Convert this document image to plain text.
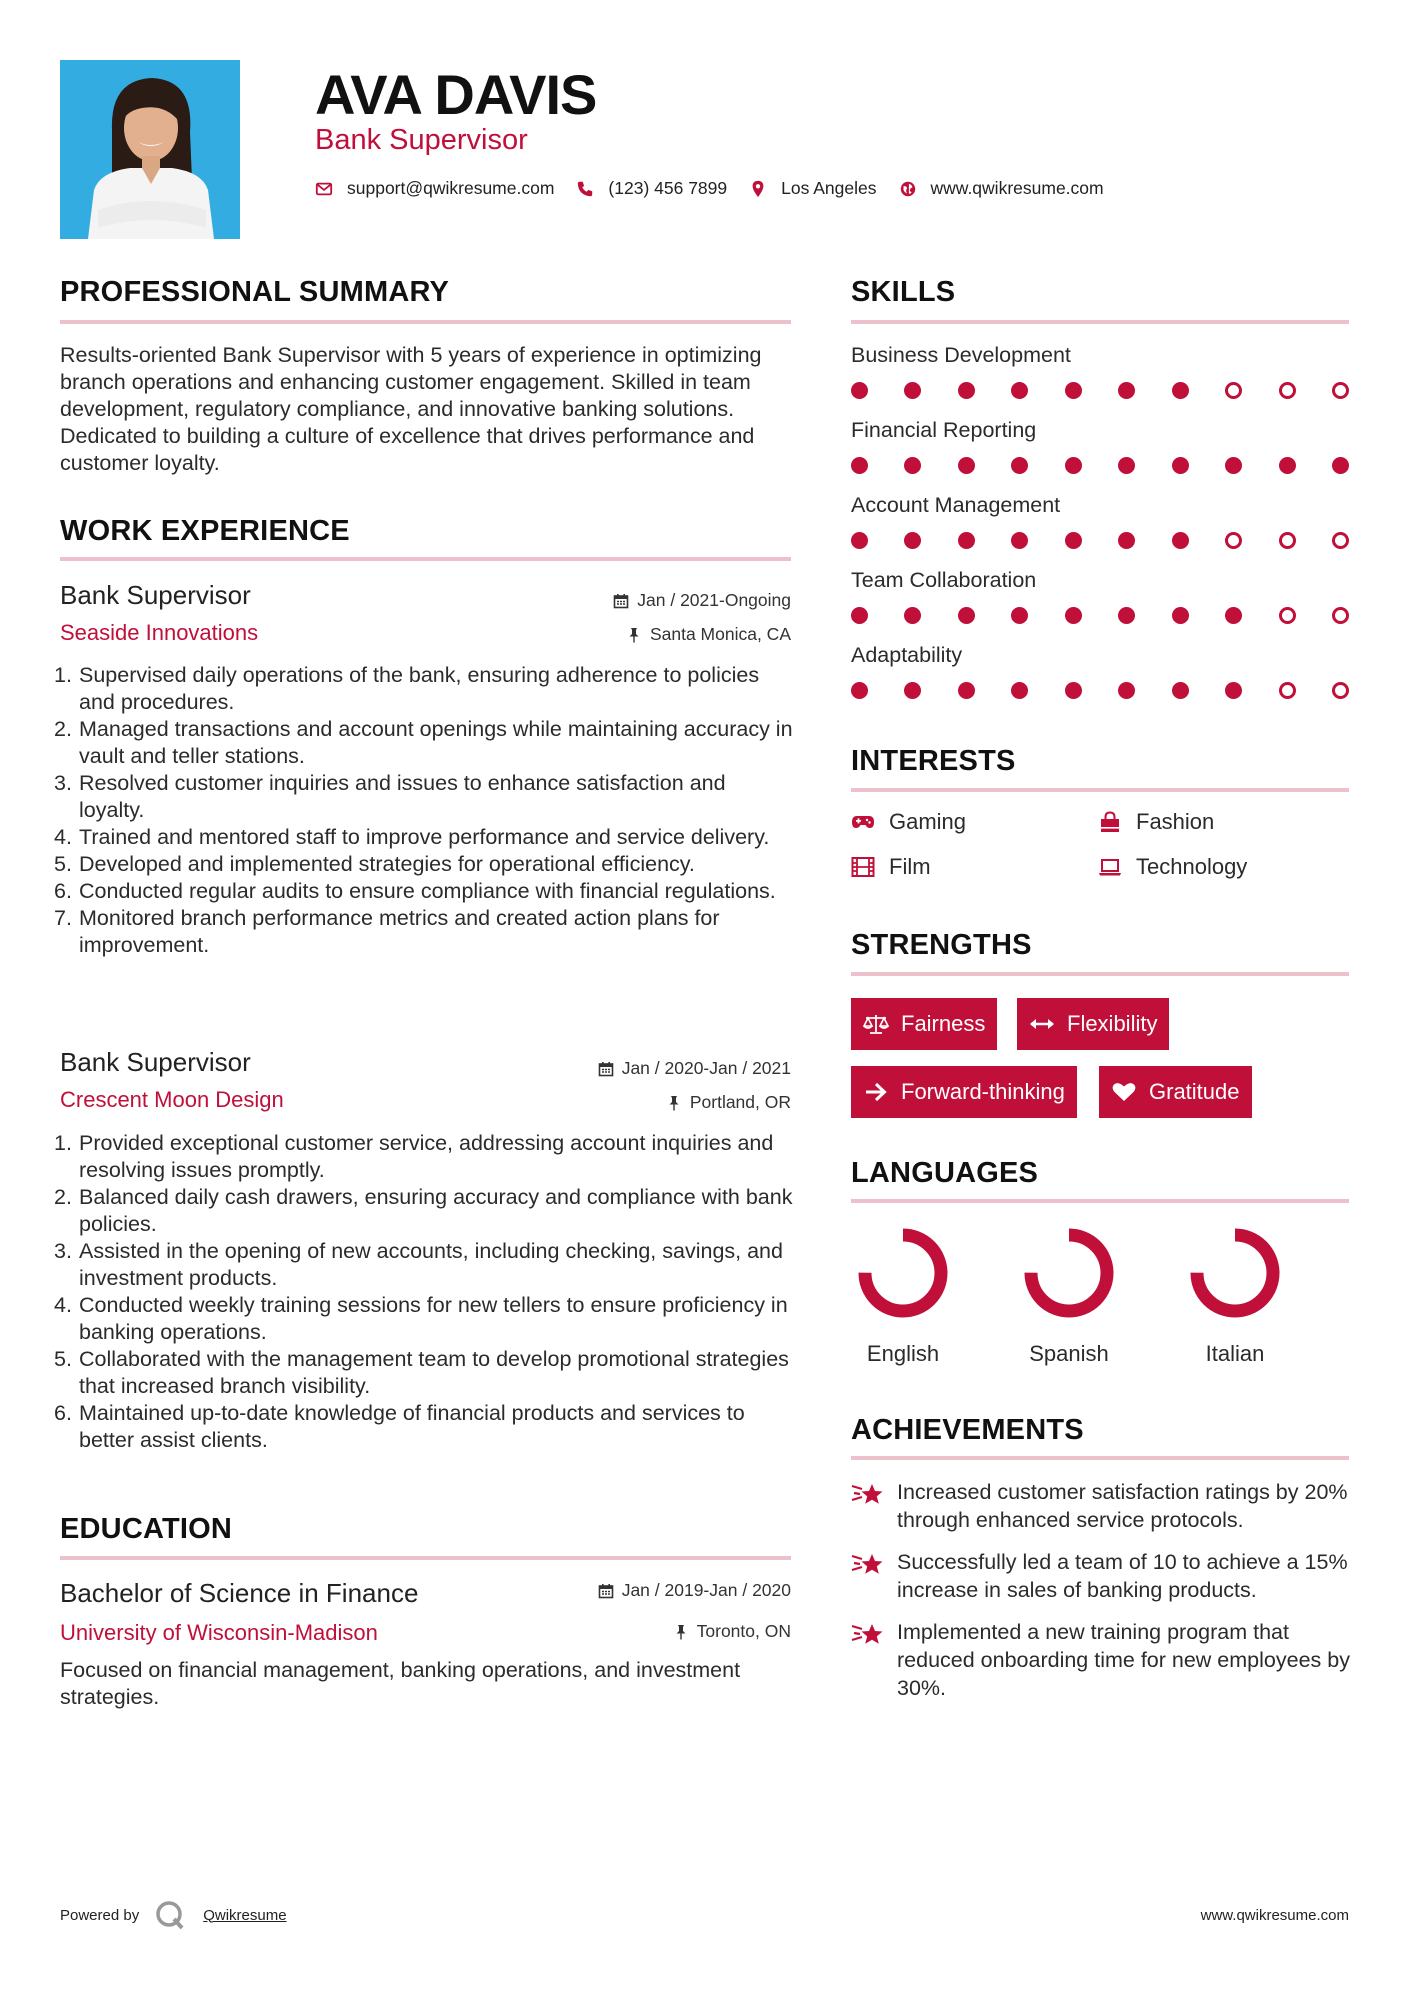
AVA DAVIS
Bank Supervisor
support@qwikresume.com	(123) 456 7899	Los Angeles	www.qwikresume.com
PROFESSIONAL SUMMARY
Results-oriented Bank Supervisor with 5 years of experience in optimizing branch operations and enhancing customer engagement. Skilled in team development, regulatory compliance, and innovative banking solutions. Dedicated to building a culture of excellence that drives performance and customer loyalty.
WORK EXPERIENCE
Bank Supervisor
Seaside Innovations
Jan / 2021-Ongoing
Santa Monica, CA
Supervised daily operations of the bank, ensuring adherence to policies and procedures.
Managed transactions and account openings while maintaining accuracy in vault and teller stations.
Resolved customer inquiries and issues to enhance satisfaction and loyalty.
Trained and mentored staff to improve performance and service delivery.
Developed and implemented strategies for operational efficiency.
Conducted regular audits to ensure compliance with financial regulations.
Monitored branch performance metrics and created action plans for improvement.
Bank Supervisor
Crescent Moon Design
Jan / 2020-Jan / 2021
Portland, OR
Provided exceptional customer service, addressing account inquiries and resolving issues promptly.
Balanced daily cash drawers, ensuring accuracy and compliance with bank policies.
Assisted in the opening of new accounts, including checking, savings, and investment products.
Conducted weekly training sessions for new tellers to ensure proficiency in banking operations.
Collaborated with the management team to develop promotional strategies that increased branch visibility.
Maintained up-to-date knowledge of financial products and services to better assist clients.
EDUCATION
Bachelor of Science in Finance
University of Wisconsin-Madison
Jan / 2019-Jan / 2020
Toronto, ON
Focused on financial management, banking operations, and investment strategies.
SKILLS
Business Development
Financial Reporting
Account Management
Team Collaboration
Adaptability
INTERESTS
Gaming	Fashion
Film	Technology
STRENGTHS
Fairness	Flexibility
Forward-thinking	Gratitude
LANGUAGES
English	Spanish	Italian
ACHIEVEMENTS
Increased customer satisfaction ratings by 20% through enhanced service protocols.
Successfully led a team of 10 to achieve a 15% increase in sales of banking products.
Implemented a new training program that reduced onboarding time for new employees by 30%.
Powered by	Qwikresume	www.qwikresume.com
